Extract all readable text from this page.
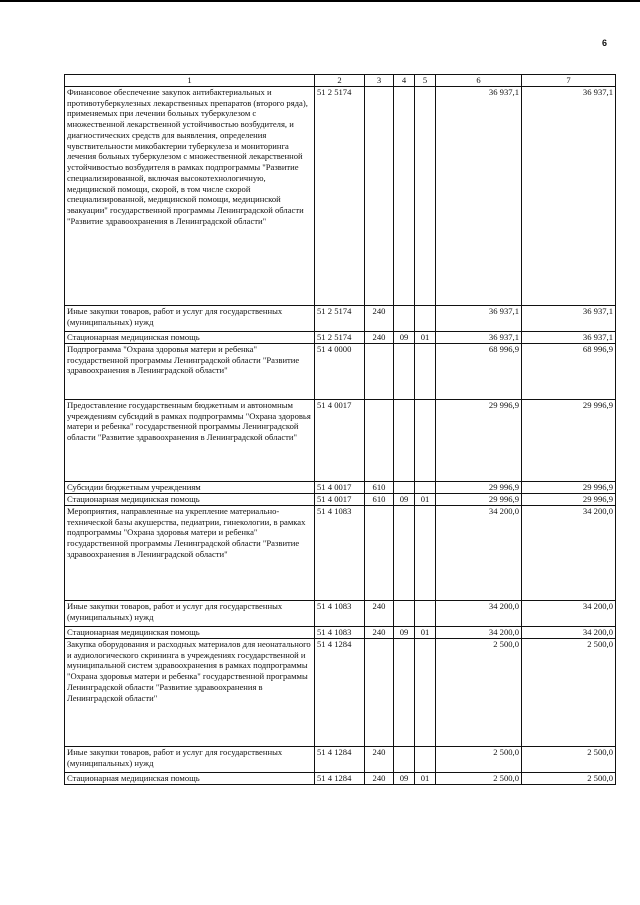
6
1	2	3	4	5	6	7
Финансовое обеспечение закупок антибактериальных и противотуберкулезных лекарственных препаратов (второго ряда), применяемых при лечении больных туберкулезом с множественной лекарственной устойчивостью возбудителя, и диагностических средств для выявления, определения чувствительности микобактерии туберкулеза и мониторинга лечения больных туберкулезом с множественной лекарственной устойчивостью возбудителя в рамках подпрограммы "Развитие специализированной, включая высокотехнологичную, медицинской помощи, скорой, в том числе скорой специализированной, медицинской помощи, медицинской эвакуации" государственной программы Ленинградской области "Развитие здравоохранения в Ленинградской области"	51 2 5174				36 937,1	36 937,1
Иные закупки товаров, работ и услуг для государственных (муниципальных) нужд	51 2 5174	240			36 937,1	36 937,1
Стационарная медицинская помощь	51 2 5174	240	09	01	36 937,1	36 937,1
Подпрограмма "Охрана здоровья матери и ребенка" государственной программы Ленинградской области "Развитие здравоохранения в Ленинградской области"	51 4 0000				68 996,9	68 996,9
Предоставление государственным бюджетным и автономным учреждениям субсидий в рамках подпрограммы "Охрана здоровья матери и ребенка" государственной программы Ленинградской области "Развитие здравоохранения в Ленинградской области"	51 4 0017				29 996,9	29 996,9
Субсидии бюджетным учреждениям	51 4 0017	610			29 996,9	29 996,9
Стационарная медицинская помощь	51 4 0017	610	09	01	29 996,9	29 996,9
Мероприятия, направленные на укрепление материально-технической базы акушерства, педиатрии, гинекологии, в рамках подпрограммы "Охрана здоровья матери и ребенка" государственной программы Ленинградской области "Развитие здравоохранения в Ленинградской области"	51 4 1083				34 200,0	34 200,0
Иные закупки товаров, работ и услуг для государственных (муниципальных) нужд	51 4 1083	240			34 200,0	34 200,0
Стационарная медицинская помощь	51 4 1083	240	09	01	34 200,0	34 200,0
Закупка оборудования и расходных материалов для неонатального и аудиологического скрининга в учреждениях государственной и муниципальной систем здравоохранения в рамках подпрограммы "Охрана здоровья матери и ребенка" государственной программы Ленинградской области "Развитие здравоохранения в Ленинградской области"	51 4 1284				2 500,0	2 500,0
Иные закупки товаров, работ и услуг для государственных (муниципальных) нужд	51 4 1284	240			2 500,0	2 500,0
Стационарная медицинская помощь	51 4 1284	240	09	01	2 500,0	2 500,0
